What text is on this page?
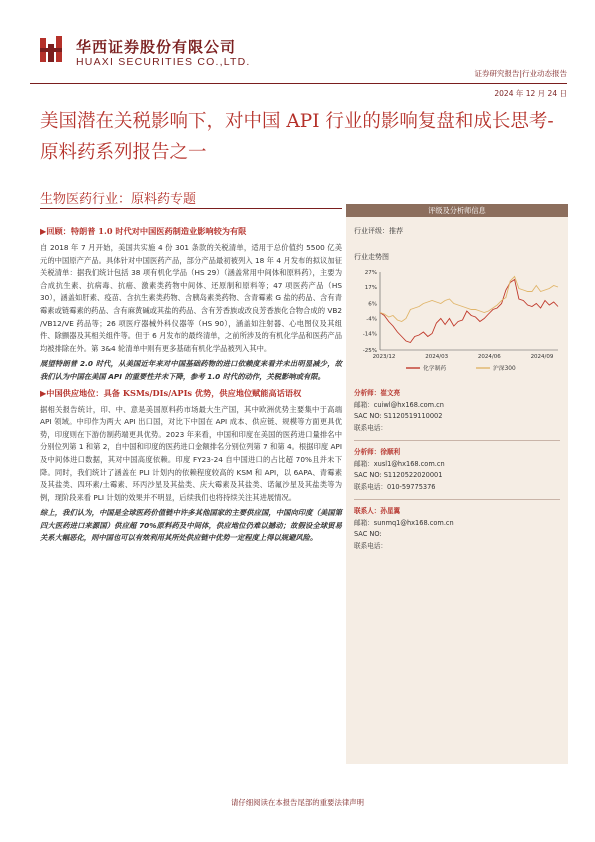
华西证券股份有限公司
HUAXI SECURITIES CO.,LTD.
证券研究报告|行业动态报告
2024 年 12 月 24 日
美国潜在关税影响下，对中国 API 行业的影响复盘和成长思考-原料药系列报告之一
生物医药行业：原料药专题
▶回顾：特朗普 1.0 时代对中国医药制造业影响较为有限

自 2018 年 7 月开始，美国共实施 4 份 301 条款的关税清单，适用于总价值约 5500 亿美元的中国原产产品。具体针对中国医药产品，部分产品最初被列入 18 年 4 月发布的拟议加征关税清单：据我们统计包括 38 项有机化学品（HS 29）（涵盖常用中间体和原料药），主要为合成抗生素、抗病毒、抗癌、激素类药物中间体、还原制和原料等；47 项医药产品（HS 30），涵盖如肝素、疫苗、含抗生素类药物、含胰岛素类药物、含青霉素 G 盐的药品、含有青霉素或链霉素的药品、含有麻黄碱或其盐的药品、含有芳香族或改良芳香族化合物合成的 VB2 /VB12/VE 药品等；26 项医疗器械外科仪器等（HS 90），涵盖如注射器、心电图仪及其组件、除颤器及其相关组件等。但于 6 月发布的最终清单，之前所涉及的有机化学品和医药产品均被排除在外。第 3&4 轮清单中则有更多基础有机化学品被列入其中。

展望特朗普 2.0 时代，从美国近年来对中国基础药物的进口依赖度来看并未出明显减少，故我们认为中国在美国 API 的重要性并未下降，参考 1.0 时代的动作，关税影响或有限。

▶中国供应地位：具备 KSMs/DIs/APIs 优势，供应地位赋能高话语权

据相关报告统计，印、中、意是美国原料药市场最大生产国，其中欧洲优势主要集中于高端 API 领域。中印作为两大 API 出口国，对比下中国在 API 成本、供应链、规模等方面更具优势，印度则在下游仿制药端更具优势。2023 年来看，中国和印度在美国的医药进口量排名中分别位列第 1 和第 2，自中国和印度的医药进口金额排名分别位列第 7 和第 4。根据印度 API 及中间体进口数据，其对中国高度依赖。印度 FY23-24 自中国进口的占比超 70%且并未下降。同时，我们统计了涵盖在 PLI 计划内的依赖程度较高的 KSM 和 API，以 6APA、青霉素及其盐类、四环素/土霉素、环丙沙星及其盐类、庆大霉素及其盐类、诺氟沙星及其盐类等为例，现阶段来看 PLI 计划的效果并不明显，后续我们也将持续关注其进展情况。

综上，我们认为，中国是全球医药价值链中许多其他国家的主要供应国，中国向印度（美国第四大医药进口来源国）供应超 70%原料药及中间体，供应地位仍难以撼动；故假设全球贸易关系大幅恶化，则中国也可以有效利用其所处供应链中优势一定程度上得以规避风险。

评级及分析师信息
行业评级：推荐
行业走势图
27%
17%
6%
-4%
-14%
-25%
2023/12	2024/03	2024/06	2024/09
化学制药	沪深300
分析师：崔文亮
邮箱：cuiwl@hx168.com.cn
SAC NO: S1120519110002
联系电话：
分析师：徐顺利
邮箱：xusl1@hx168.com.cn
SAC NO: S1120522020001
联系电话：010-59775376
联系人：孙星翼
邮箱：sunmq1@hx168.com.cn
SAC NO:
联系电话：
请仔细阅读在本报告尾部的重要法律声明
